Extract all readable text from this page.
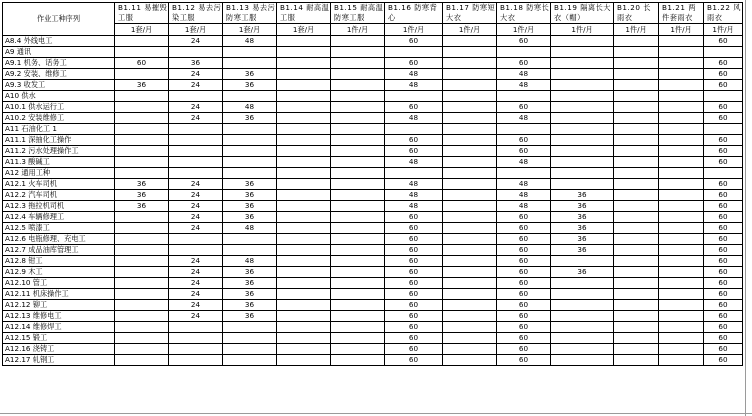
作业工种序列	B1.11 易摧毁工服	B1.12 易去污染工服	B1.13 易去污防寒工服	B1.14 耐高温工服	B1.15 耐高温防寒工服	B1.16 防寒背心	B1.17 防寒短大衣	B1.18 防寒长大衣	B1.19 隔离长大衣（帽）	B1.20 长雨衣	B1.21 两件套雨衣	B1.22 风雨衣
	1套/月	1套/月	1套/月	1套/月	1件/月	1件/月	1件/月	1件/月	1件/月	1件/月	1件/月	1件/月
A8.4 外线电工		24	48			60		60				60
A9 通讯												
A9.1 机务、话务工	60	36				60		60				60
A9.2 安装、维修工		24	36			48		48				60
A9.3 收发工	36	24	36			48		48				60
A10 供水												
A10.1 供水运行工		24	48			60		60				60
A10.2 安装维修工		24	36			48		48				60
A11 石油化工 1												
A11.1 深抽化工操作						60		60				60
A11.2 污水处理操作工						60		60				60
A11.3 酸碱工						48		48				60
A12 通用工种												
A12.1 火车司机	36	24	36			48		48				60
A12.2 汽车司机	36	24	36			48		48	36			60
A12.3 拖拉机司机	36	24	36			48		48	36			60
A12.4 车辆修理工		24	36			60		60	36			60
A12.5 喷漆工		24	48			60		60	36			60
A12.6 电瓶修理、充电工						60		60	36			60
A12.7 成品油库管理工						60		60	36			60
A12.8 钳工		24	48			60		60				60
A12.9 木工		24	36			60		60	36			60
A12.10 管工		24	36			60		60				60
A12.11 机床操作工		24	36			60		60				60
A12.12 铆工		24	36			60		60				60
A12.13 维修电工		24	36			60		60				60
A12.14 维修焊工						60		60				60
A12.15 锻工						60		60				60
A12.16 浇铸工						60		60				60
A12.17 轧钢工						60		60				60
